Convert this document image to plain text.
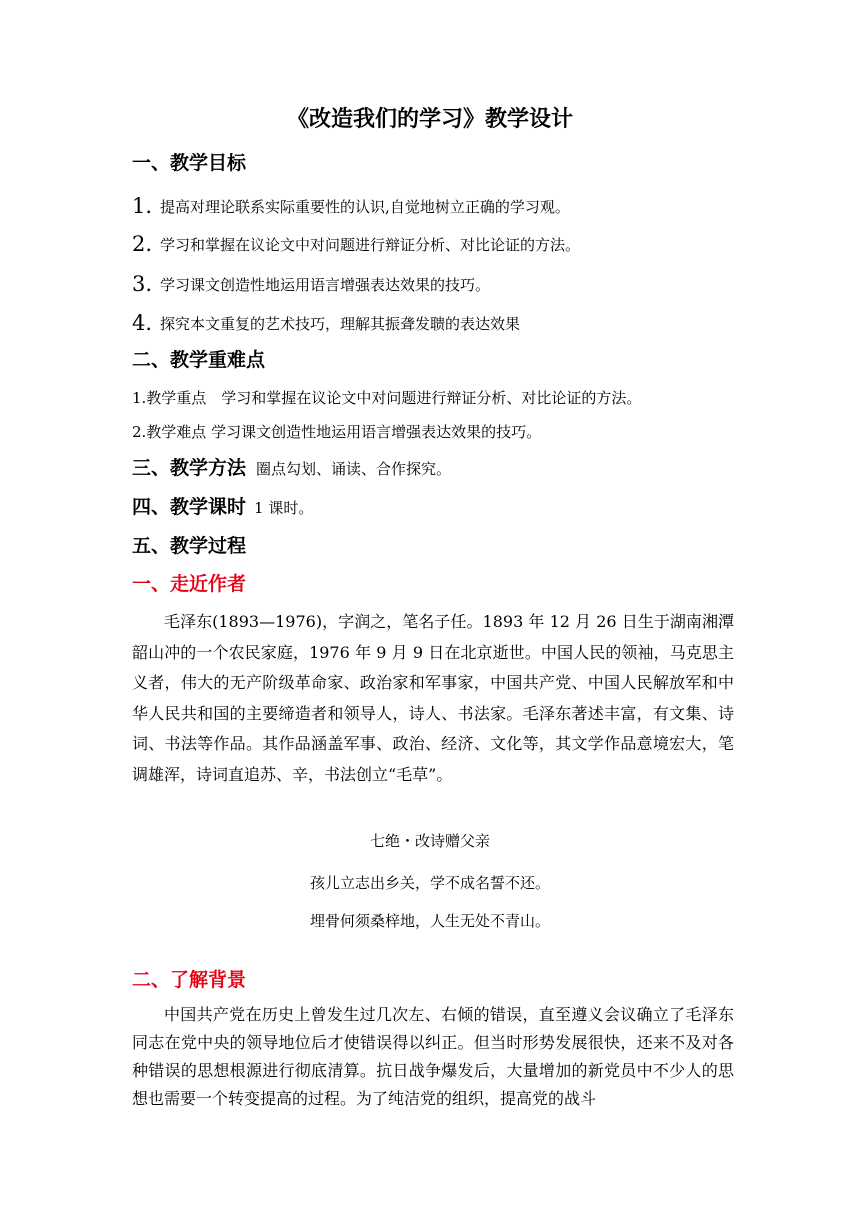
《改造我们的学习》教学设计
一、教学目标
1. 提高对理论联系实际重要性的认识,自觉地树立正确的学习观。
2. 学习和掌握在议论文中对问题进行辩证分析、对比论证的方法。
3. 学习课文创造性地运用语言增强表达效果的技巧。
4. 探究本文重复的艺术技巧，理解其振聋发聩的表达效果
二、教学重难点
1.教学重点　学习和掌握在议论文中对问题进行辩证分析、对比论证的方法。
2.教学难点 学习课文创造性地运用语言增强表达效果的技巧。
三、教学方法 圈点勾划、诵读、合作探究。
四、教学课时 1 课时。
五、教学过程
一、走近作者
毛泽东(1893—1976)，字润之，笔名子任。1893 年 12 月 26 日生于湖南湘潭韶山冲的一个农民家庭，1976 年 9 月 9 日在北京逝世。中国人民的领袖，马克思主义者，伟大的无产阶级革命家、政治家和军事家，中国共产党、中国人民解放军和中华人民共和国的主要缔造者和领导人，诗人、书法家。毛泽东著述丰富，有文集、诗词、书法等作品。其作品涵盖军事、政治、经济、文化等，其文学作品意境宏大，笔调雄浑，诗词直追苏、辛，书法创立“毛草”。
七绝・改诗赠父亲
孩儿立志出乡关，学不成名誓不还。
埋骨何须桑梓地，人生无处不青山。
二、了解背景
中国共产党在历史上曾发生过几次左、右倾的错误，直至遵义会议确立了毛泽东同志在党中央的领导地位后才使错误得以纠正。但当时形势发展很快，还来不及对各种错误的思想根源进行彻底清算。抗日战争爆发后，大量增加的新党员中不少人的思想也需要一个转变提高的过程。为了纯洁党的组织，提高党的战斗
